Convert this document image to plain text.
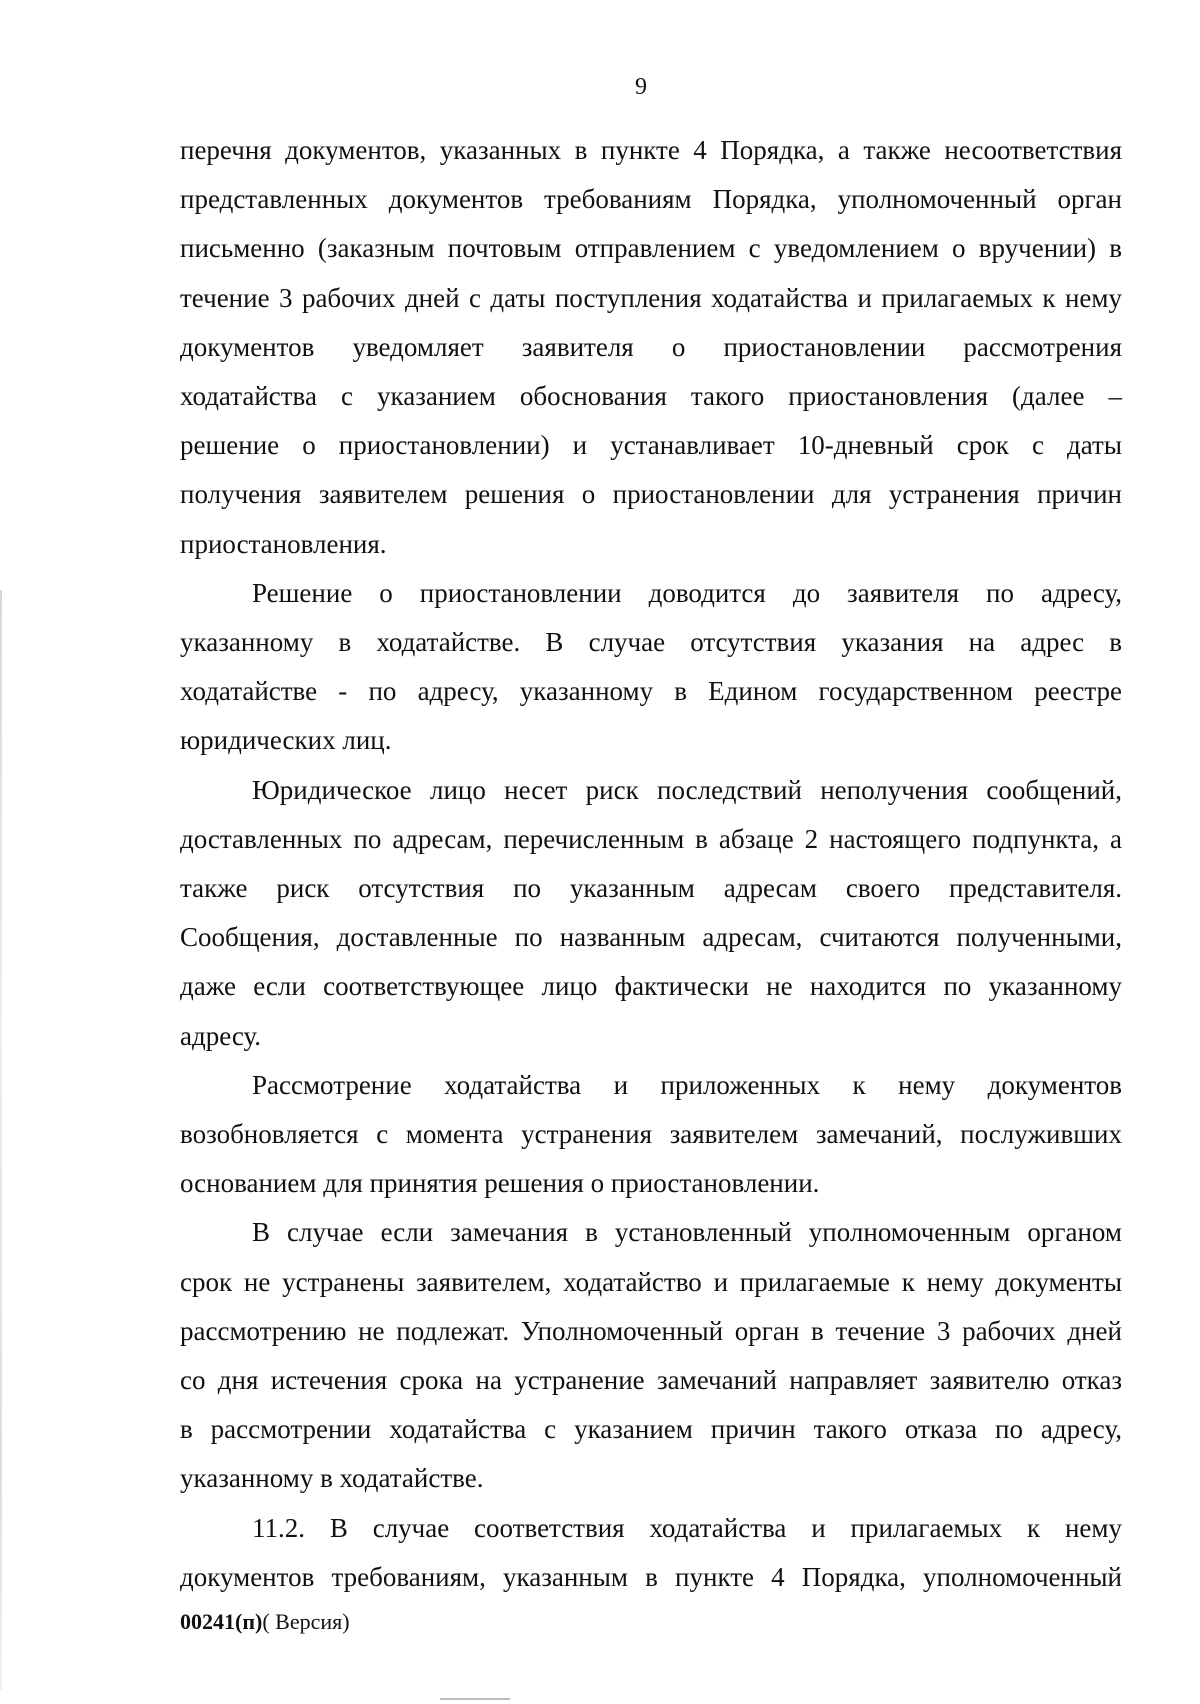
9

перечня документов, указанных в пункте 4 Порядка, а также несоответствия

представленных документов требованиям Порядка, уполномоченный орган

письменно (заказным почтовым отправлением с уведомлением о вручении) в

течение 3 рабочих дней с даты поступления ходатайства и прилагаемых к нему

документов уведомляет заявителя о приостановлении рассмотрения

ходатайства с указанием обоснования такого приостановления (далее –

решение о приостановлении) и устанавливает 10-дневный срок с даты

получения заявителем решения о приостановлении для устранения причин

приостановления.

Решение о приостановлении доводится до заявителя по адресу,

указанному в ходатайстве. В случае отсутствия указания на адрес в

ходатайстве - по адресу, указанному в Едином государственном реестре

юридических лиц.

Юридическое лицо несет риск последствий неполучения сообщений,

доставленных по адресам, перечисленным в абзаце 2 настоящего подпункта, а

также риск отсутствия по указанным адресам своего представителя.

Сообщения, доставленные по названным адресам, считаются полученными,

даже если соответствующее лицо фактически не находится по указанному

адресу.

Рассмотрение ходатайства и приложенных к нему документов

возобновляется с момента устранения заявителем замечаний, послуживших

основанием для принятия решения о приостановлении.

В случае если замечания в установленный уполномоченным органом

срок не устранены заявителем, ходатайство и прилагаемые к нему документы

рассмотрению не подлежат. Уполномоченный орган в течение 3 рабочих дней

со дня истечения срока на устранение замечаний направляет заявителю отказ

в рассмотрении ходатайства с указанием причин такого отказа по адресу,

указанному в ходатайстве.

11.2. В случае соответствия ходатайства и прилагаемых к нему

документов требованиям, указанным в пункте 4 Порядка, уполномоченный

00241(п)( Версия)
